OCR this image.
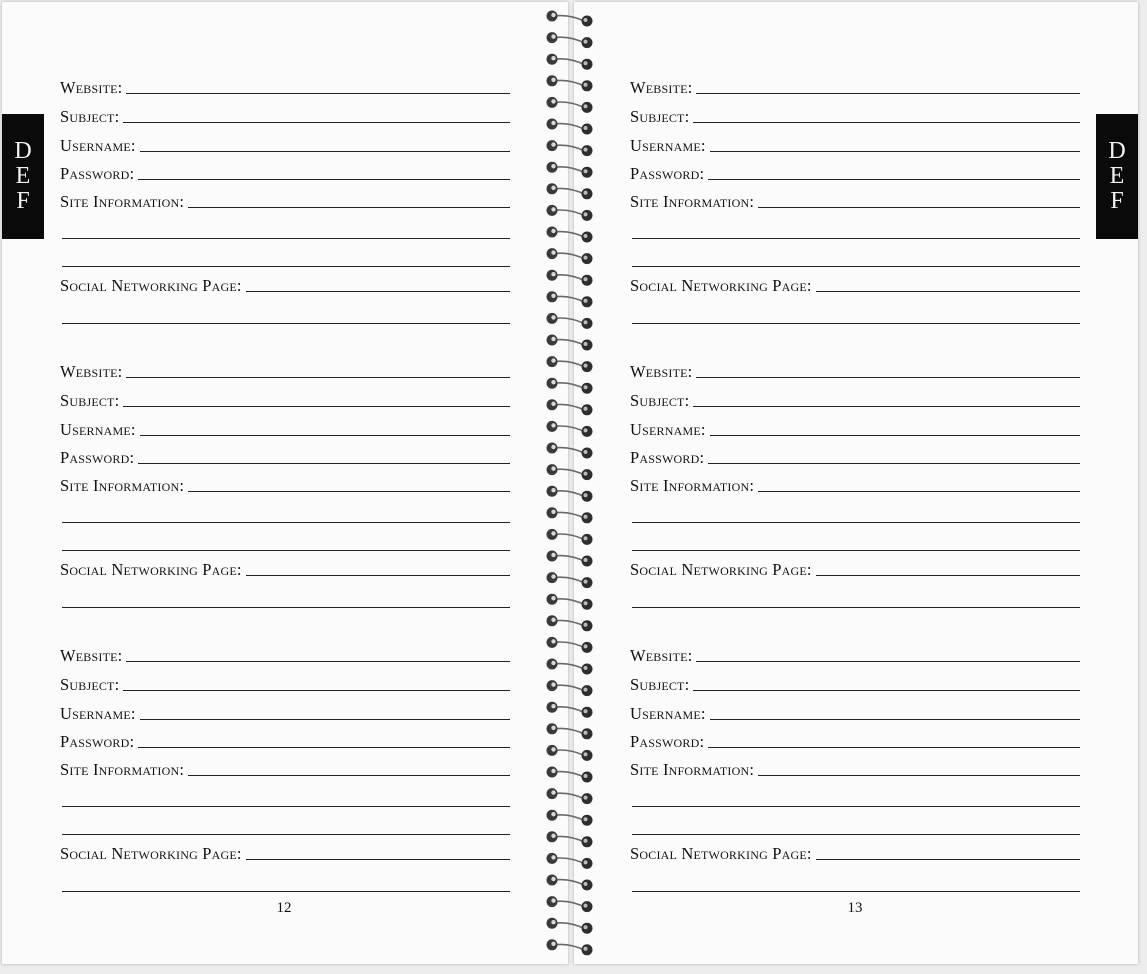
D
E
F
Website:
Subject:
Username:
Password:
Site Information:
Social Networking Page:
Website:
Subject:
Username:
Password:
Site Information:
Social Networking Page:
Website:
Subject:
Username:
Password:
Site Information:
Social Networking Page:
12
D
E
F
Website:
Subject:
Username:
Password:
Site Information:
Social Networking Page:
Website:
Subject:
Username:
Password:
Site Information:
Social Networking Page:
Website:
Subject:
Username:
Password:
Site Information:
Social Networking Page:
13
